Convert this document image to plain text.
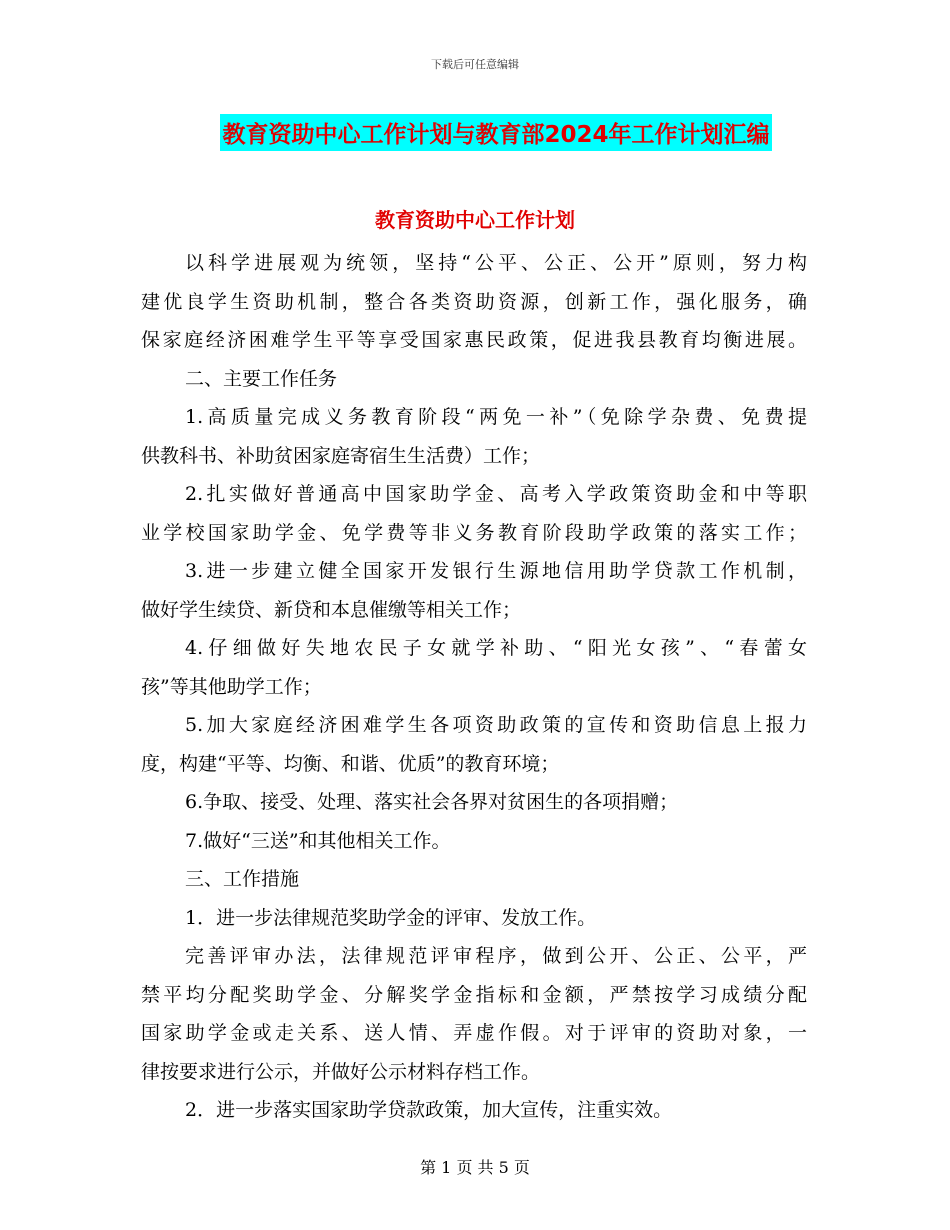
下载后可任意编辑
教育资助中心工作计划与教育部2024年工作计划汇编
教育资助中心工作计划
以科学进展观为统领，坚持“公平、公正、公开”原则，努力构
建优良学生资助机制，整合各类资助资源，创新工作，强化服务，确
保家庭经济困难学生平等享受国家惠民政策，促进我县教育均衡进展。
二、主要工作任务
1.高质量完成义务教育阶段“两免一补”（免除学杂费、免费提
供教科书、补助贫困家庭寄宿生生活费）工作；
2.扎实做好普通高中国家助学金、高考入学政策资助金和中等职
业学校国家助学金、免学费等非义务教育阶段助学政策的落实工作；
3.进一步建立健全国家开发银行生源地信用助学贷款工作机制，
做好学生续贷、新贷和本息催缴等相关工作；
4.仔细做好失地农民子女就学补助、“阳光女孩”、“春蕾女
孩”等其他助学工作；
5.加大家庭经济困难学生各项资助政策的宣传和资助信息上报力
度，构建“平等、均衡、和谐、优质”的教育环境；
6.争取、接受、处理、落实社会各界对贫困生的各项捐赠；
7.做好“三送”和其他相关工作。
三、工作措施
1．进一步法律规范奖助学金的评审、发放工作。
完善评审办法，法律规范评审程序，做到公开、公正、公平，严
禁平均分配奖助学金、分解奖学金指标和金额，严禁按学习成绩分配
国家助学金或走关系、送人情、弄虚作假。对于评审的资助对象，一
律按要求进行公示，并做好公示材料存档工作。
2．进一步落实国家助学贷款政策，加大宣传，注重实效。
第 1 页 共 5 页
